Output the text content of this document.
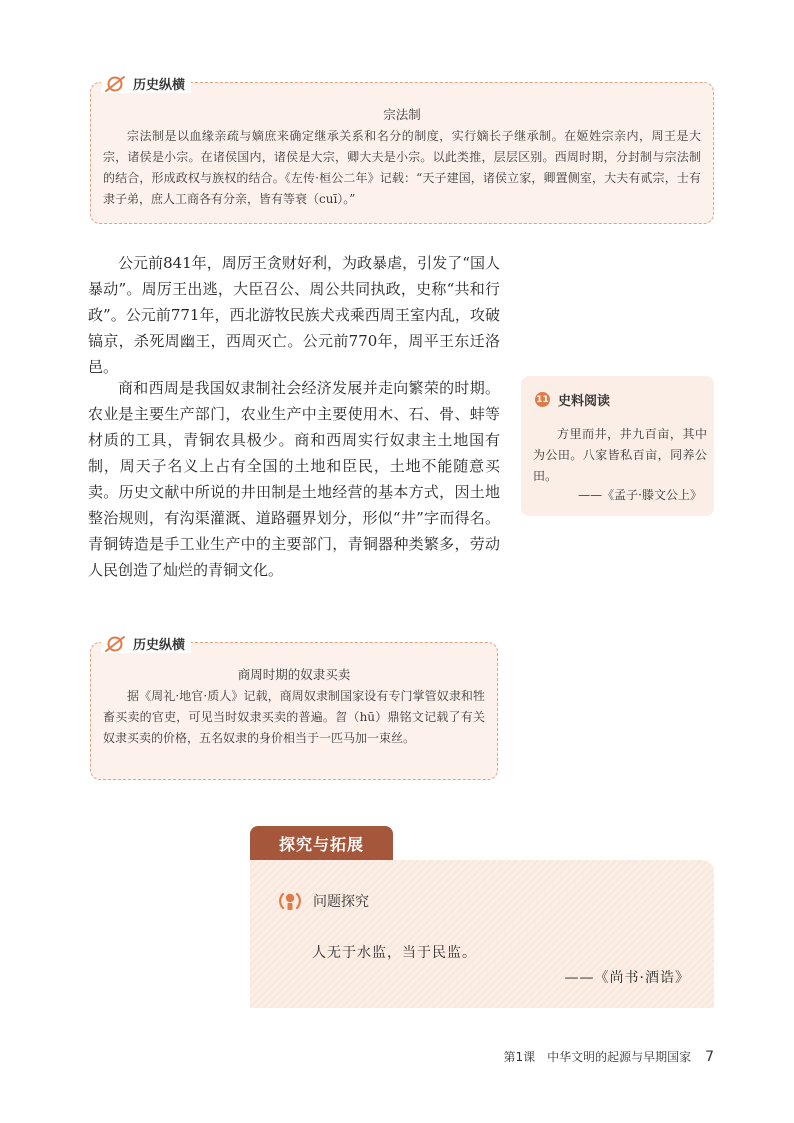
历史纵横
宗法制

宗法制是以血缘亲疏与嫡庶来确定继承关系和名分的制度，实行嫡长子继承制。在姬姓宗亲内，周王是大宗，诸侯是小宗。在诸侯国内，诸侯是大宗，卿大夫是小宗。以此类推，层层区别。西周时期，分封制与宗法制的结合，形成政权与族权的结合。《左传·桓公二年》记载：“天子建国，诸侯立家，卿置侧室，大夫有贰宗，士有隶子弟，庶人工商各有分亲，皆有等衰（cuī）。”

公元前841年，周厉王贪财好利，为政暴虐，引发了“国人暴动”。周厉王出逃，大臣召公、周公共同执政，史称“共和行政”。公元前771年，西北游牧民族犬戎乘西周王室内乱，攻破镐京，杀死周幽王，西周灭亡。公元前770年，周平王东迁洛邑。

商和西周是我国奴隶制社会经济发展并走向繁荣的时期。农业是主要生产部门，农业生产中主要使用木、石、骨、蚌等材质的工具，青铜农具极少。商和西周实行奴隶主土地国有制，周天子名义上占有全国的土地和臣民，土地不能随意买卖。历史文献中所说的井田制是土地经营的基本方式，因土地整治规则，有沟渠灌溉、道路疆界划分，形似“井”字而得名。青铜铸造是手工业生产中的主要部门，青铜器种类繁多，劳动人民创造了灿烂的青铜文化。

11 史料阅读

方里而井，井九百亩，其中为公田。八家皆私百亩，同养公田。

——《孟子·滕文公上》
历史纵横
商周时期的奴隶买卖

据《周礼·地官·质人》记载，商周奴隶制国家设有专门掌管奴隶和牲畜买卖的官吏，可见当时奴隶买卖的普遍。曶（hū）鼎铭文记载了有关奴隶买卖的价格，五名奴隶的身价相当于一匹马加一束丝。

探究与拓展
问题探究
人无于水监，当于民监。
——《尚书·酒诰》
第1课　中华文明的起源与早期国家 7
